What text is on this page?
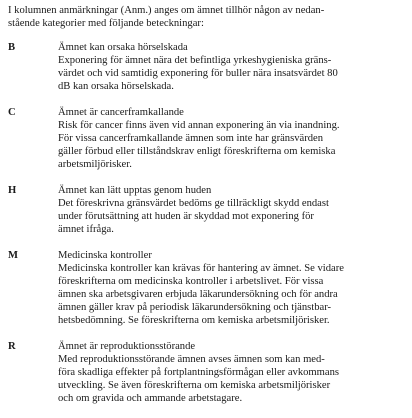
I kolumnen anmärkningar (Anm.) anges om ämnet tillhör någon av nedan-
stående kategorier med följande beteckningar:

B	Ämnet kan orsaka hörselskada
Exponering för ämnet nära det befintliga yrkeshygieniska gräns-
värdet och vid samtidig exponering för buller nära insatsvärdet 80
dB kan orsaka hörselskada.
C	Ämnet är cancerframkallande
Risk för cancer finns även vid annan exponering än via inandning.
För vissa cancerframkallande ämnen som inte har gränsvärden
gäller förbud eller tillståndskrav enligt föreskrifterna om kemiska
arbetsmiljörisker.
H	Ämnet kan lätt upptas genom huden
Det föreskrivna gränsvärdet bedöms ge tillräckligt skydd endast
under förutsättning att huden är skyddad mot exponering för
ämnet ifråga.
M	Medicinska kontroller
Medicinska kontroller kan krävas för hantering av ämnet. Se vidare
föreskrifterna om medicinska kontroller i arbetslivet. För vissa
ämnen ska arbetsgivaren erbjuda läkarundersökning och för andra
ämnen gäller krav på periodisk läkarundersökning och tjänstbar-
hetsbedömning. Se föreskrifterna om kemiska arbetsmiljörisker.
R	Ämnet är reproduktionsstörande
Med reproduktionsstörande ämnen avses ämnen som kan med-
föra skadliga effekter på fortplantningsförmågan eller avkommans
utveckling. Se även föreskrifterna om kemiska arbetsmiljörisker
och om gravida och ammande arbetstagare.
